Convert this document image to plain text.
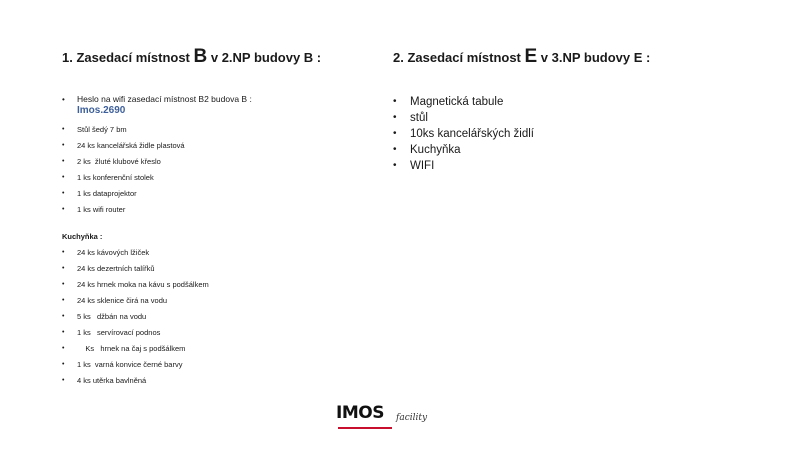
1. Zasedací místnost B v 2.NP budovy B :
• Heslo na wifi zasedací místnost B2 budova B :
Imos.2690
• Stůl šedý 7 bm
• 24 ks kancelářská židle plastová
• 2 ks  žluté klubové křeslo
• 1 ks konferenční stolek
• 1 ks dataprojektor
• 1 ks wifi router
Kuchyňka :
• 24 ks kávových lžiček
• 24 ks dezertních talířků
• 24 ks hrnek moka na kávu s podšálkem
• 24 ks sklenice čirá na vodu
• 5 ks   džbán na vodu
• 1 ks   servírovací podnos
•     Ks   hrnek na čaj s podšálkem
• 1 ks  varná konvice černé barvy
• 4 ks utěrka bavlněná
2. Zasedací místnost E v 3.NP budovy E :
• Magnetická tabule
• stůl
• 10ks kancelářských židlí
• Kuchyňka
• WIFI
IMOS facility
